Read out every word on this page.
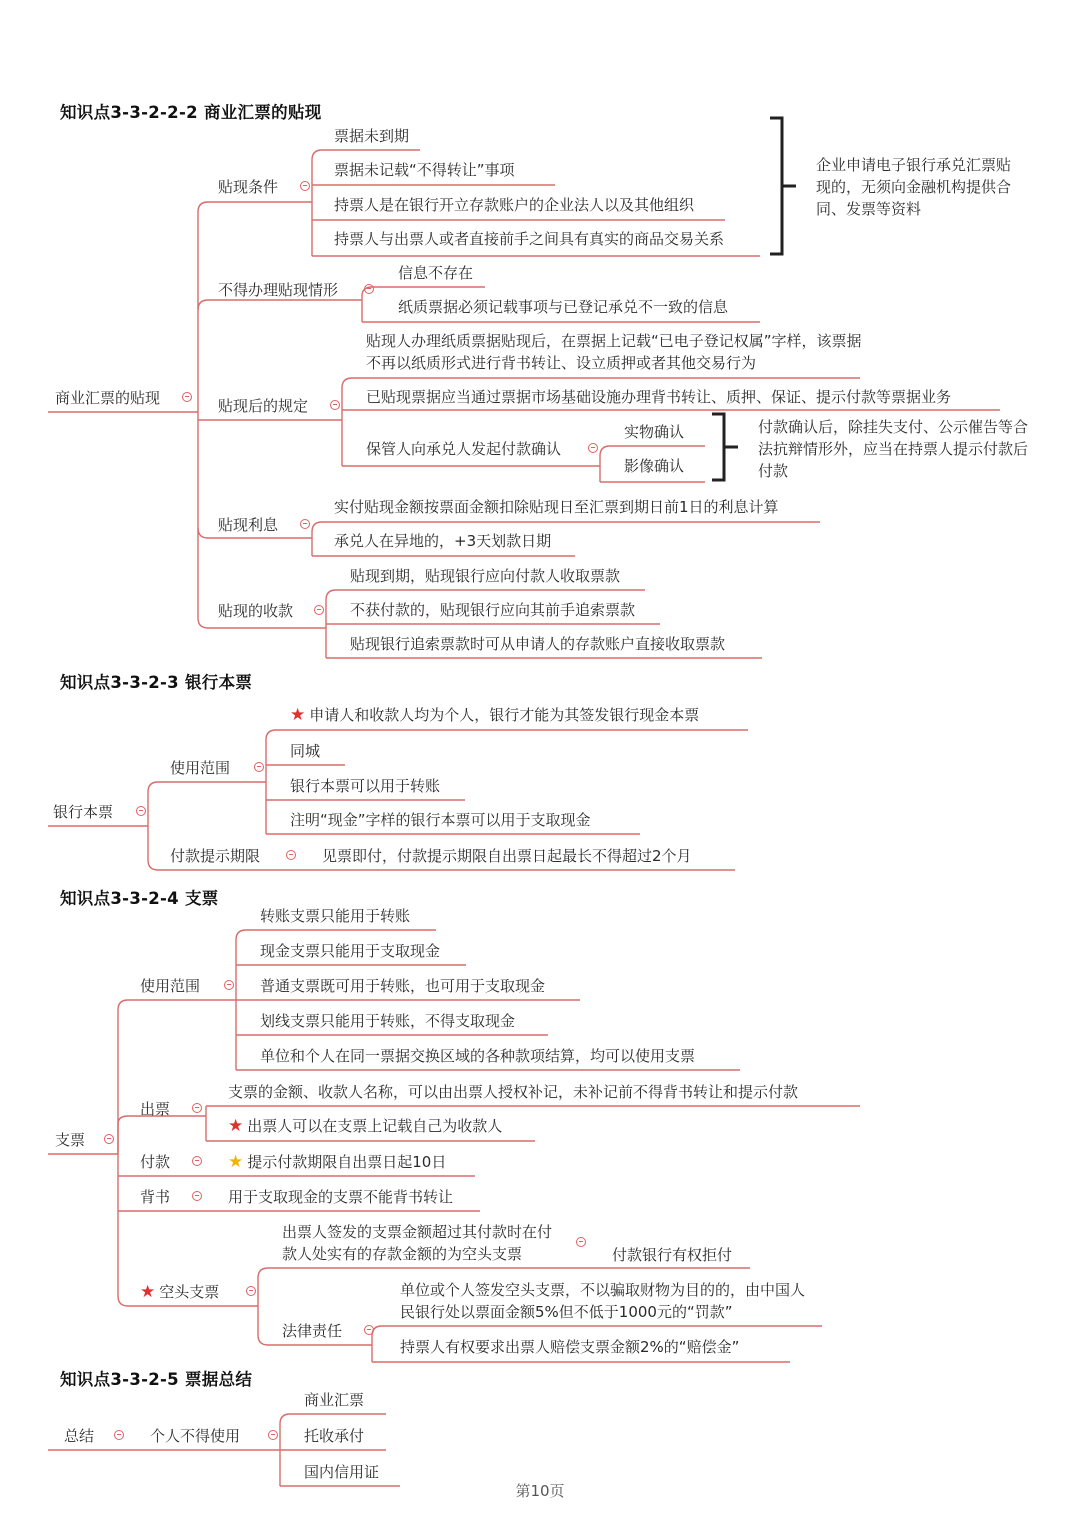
知识点3-3-2-2-2 商业汇票的贴现
商业汇票的贴现
贴现条件
票据未到期
票据未记载“不得转让”事项
持票人是在银行开立存款账户的企业法人以及其他组织
持票人与出票人或者直接前手之间具有真实的商品交易关系
企业申请电子银行承兑汇票贴现的，无须向金融机构提供合同、发票等资料
不得办理贴现情形
信息不存在
纸质票据必须记载事项与已登记承兑不一致的信息
贴现后的规定
贴现人办理纸质票据贴现后，在票据上记载“已电子登记权属”字样，该票据不再以纸质形式进行背书转让、设立质押或者其他交易行为
已贴现票据应当通过票据市场基础设施办理背书转让、质押、保证、提示付款等票据业务
保管人向承兑人发起付款确认
实物确认
影像确认
付款确认后，除挂失支付、公示催告等合法抗辩情形外，应当在持票人提示付款后付款
贴现利息
实付贴现金额按票面金额扣除贴现日至汇票到期日前1日的利息计算
承兑人在异地的，+3天划款日期
贴现的收款
贴现到期，贴现银行应向付款人收取票款
不获付款的，贴现银行应向其前手追索票款
贴现银行追索票款时可从申请人的存款账户直接收取票款
知识点3-3-2-3 银行本票
银行本票
使用范围
★ 申请人和收款人均为个人，银行才能为其签发银行现金本票
同城
银行本票可以用于转账
注明“现金”字样的银行本票可以用于支取现金
付款提示期限	见票即付，付款提示期限自出票日起最长不得超过2个月
知识点3-3-2-4 支票
支票
使用范围
转账支票只能用于转账
现金支票只能用于支取现金
普通支票既可用于转账，也可用于支取现金
划线支票只能用于转账，不得支取现金
单位和个人在同一票据交换区域的各种款项结算，均可以使用支票
出票
支票的金额、收款人名称，可以由出票人授权补记，未补记前不得背书转让和提示付款
★ 出票人可以在支票上记载自己为收款人
付款	★ 提示付款期限自出票日起10日
背书	用于支取现金的支票不能背书转让
★ 空头支票
出票人签发的支票金额超过其付款时在付款人处实有的存款金额的为空头支票	付款银行有权拒付
法律责任
单位或个人签发空头支票，不以骗取财物为目的的，由中国人民银行处以票面金额5%但不低于1000元的“罚款”
持票人有权要求出票人赔偿支票金额2%的“赔偿金”
知识点3-3-2-5 票据总结
总结	个人不得使用
商业汇票
托收承付
国内信用证
第10页
